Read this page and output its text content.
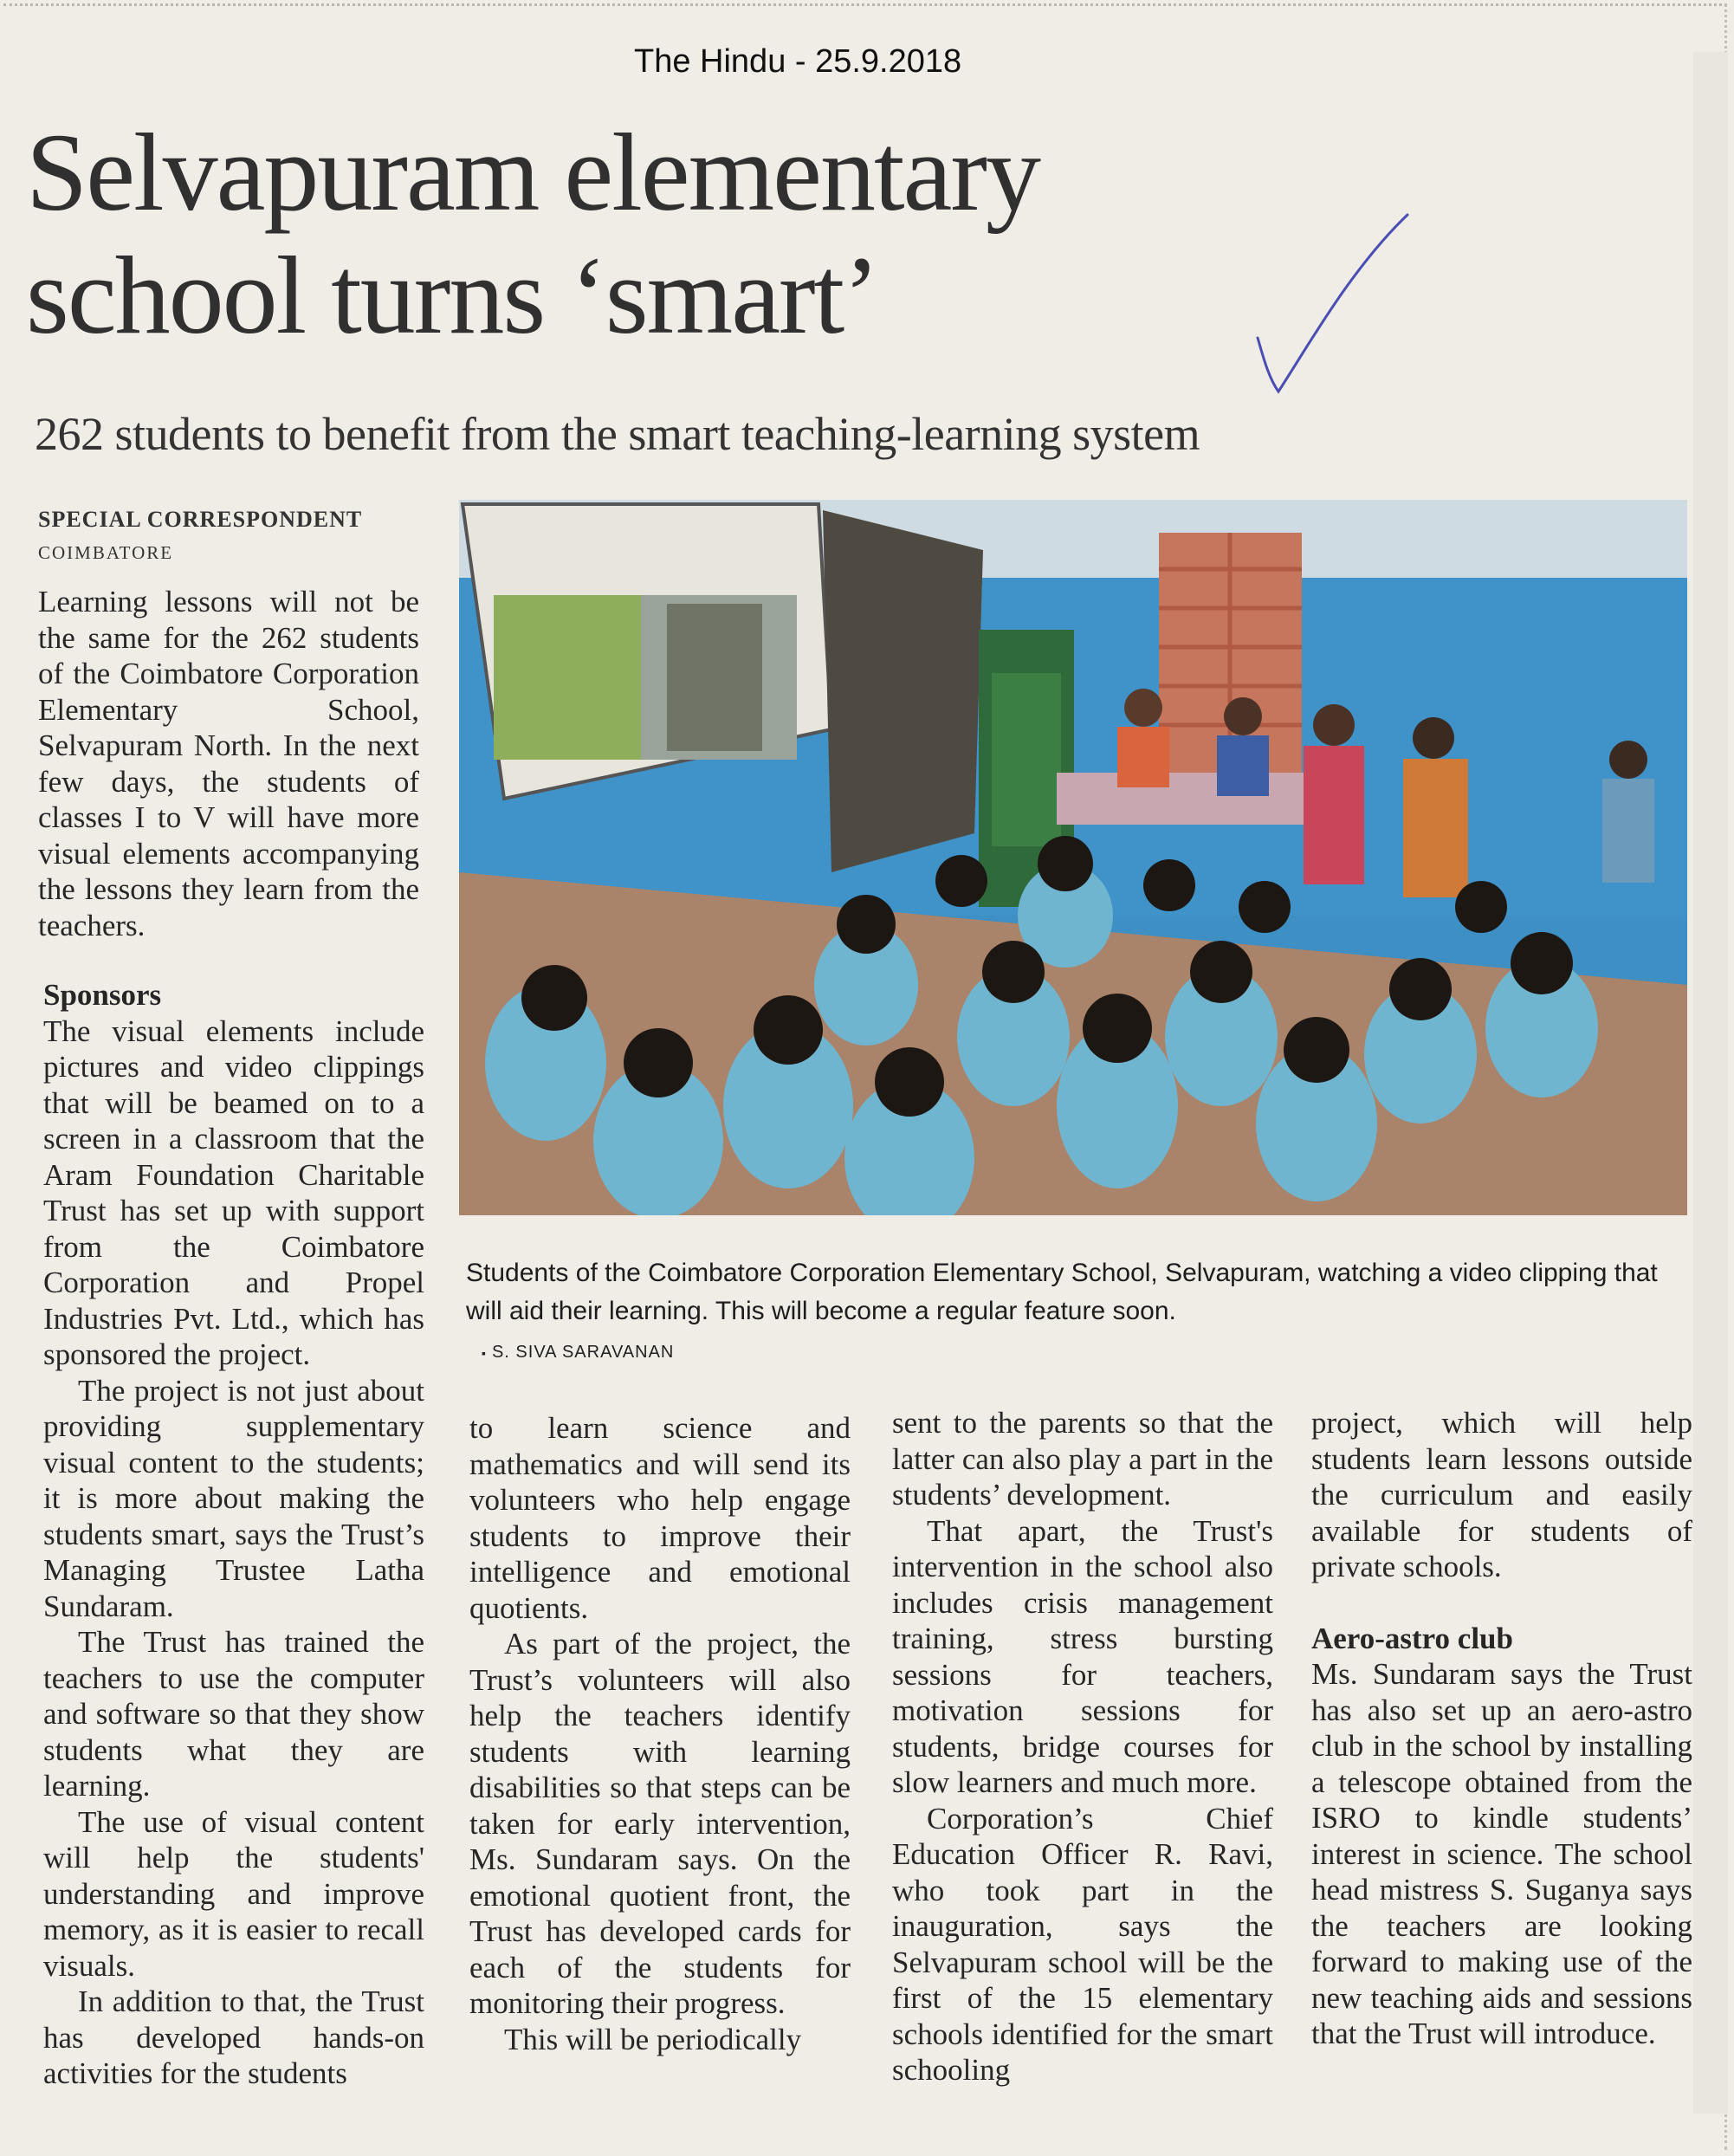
The Hindu - 25.9.2018
Selvapuram elementary
school turns ‘smart’
262 students to benefit from the smart teaching-learning system
SPECIAL CORRESPONDENT
COIMBATORE

Learning lessons will not be the same for the 262 students of the Coimbatore Corporation Elementary School, Selvapuram North. In the next few days, the students of classes I to V will have more visual elements accompanying the lessons they learn from the teachers.

Sponsors

The visual elements include pictures and video clippings that will be beamed on to a screen in a classroom that the Aram Foundation Charitable Trust has set up with support from the Coimbatore Corporation and Propel Industries Pvt. Ltd., which has sponsored the project.

The project is not just about providing supplementary visual content to the students; it is more about making the students smart, says the Trust’s Managing Trustee Latha Sundaram.

The Trust has trained the teachers to use the computer and software so that they show students what they are learning.

The use of visual content will help the students' understanding and improve memory, as it is easier to recall visuals.

In addition to that, the Trust has developed hands-on activities for the students

Students of the Coimbatore Corporation Elementary School, Selvapuram, watching a video clipping that will aid their learning. This will become a regular feature soon.
▪ S. SIVA SARAVANAN

to learn science and mathematics and will send its volunteers who help engage students to improve their intelligence and emotional quotients.

As part of the project, the Trust’s volunteers will also help the teachers identify students with learning disabilities so that steps can be taken for early intervention, Ms. Sundaram says. On the emotional quotient front, the Trust has developed cards for each of the students for monitoring their progress.

This will be periodically

sent to the parents so that the latter can also play a part in the students’ development.

That apart, the Trust's intervention in the school also includes crisis management training, stress bursting sessions for teachers, motivation sessions for students, bridge courses for slow learners and much more.

Corporation’s Chief Education Officer R. Ravi, who took part in the inauguration, says the Selvapuram school will be the first of the 15 elementary schools identified for the smart schooling

project, which will help students learn lessons outside the curriculum and easily available for students of private schools.

Aero-astro club

Ms. Sundaram says the Trust has also set up an aero-astro club in the school by installing a telescope obtained from the ISRO to kindle students’ interest in science. The school head mistress S. Suganya says the teachers are looking forward to making use of the new teaching aids and sessions that the Trust will introduce.
